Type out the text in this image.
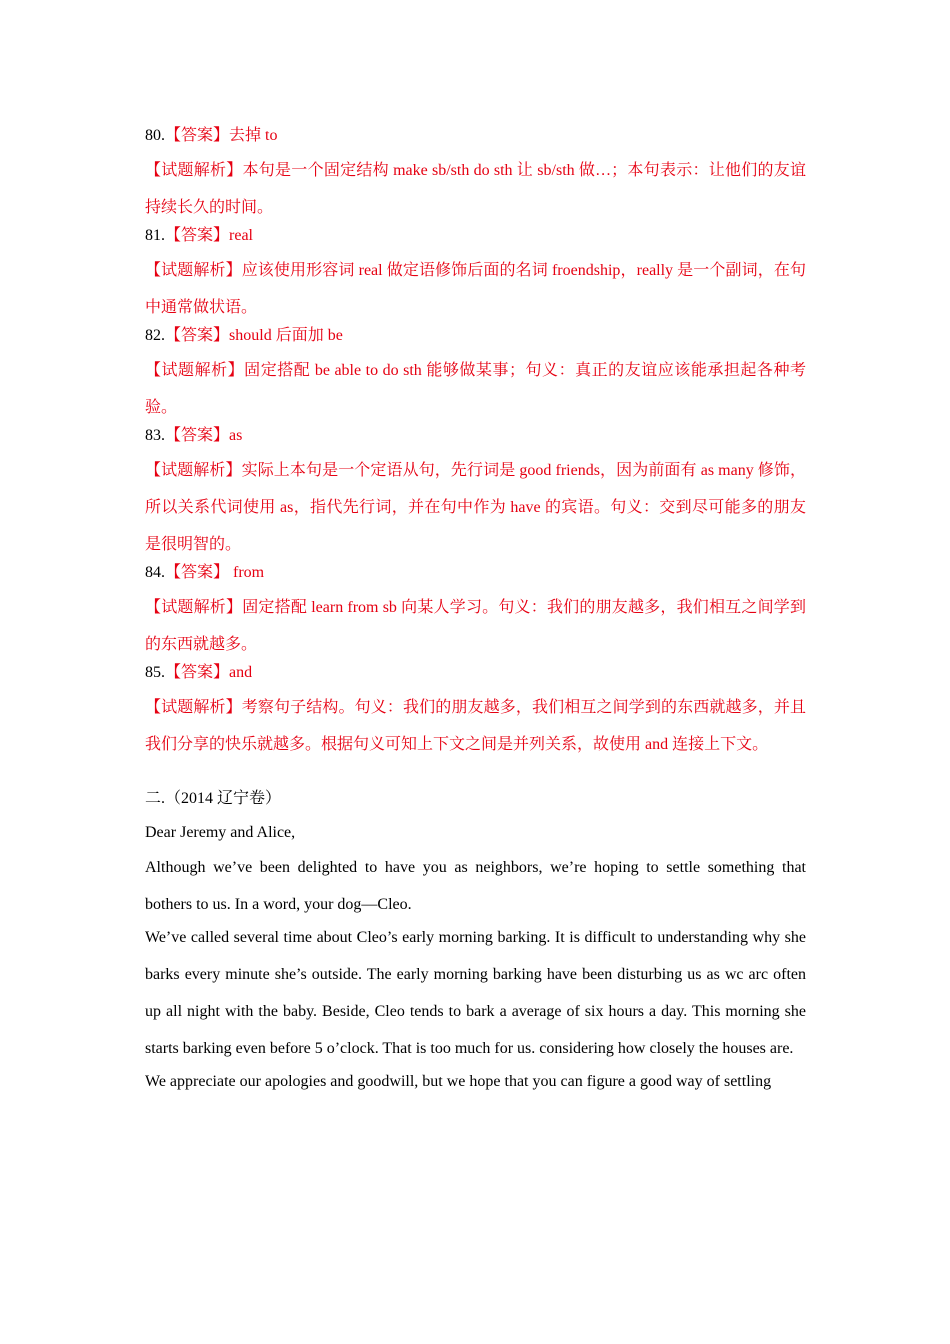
80.【答案】去掉 to

【试题解析】本句是一个固定结构 make sb/sth do sth 让 sb/sth 做…；本句表示：让他们的友谊持续长久的时间。

81.【答案】real

【试题解析】应该使用形容词 real 做定语修饰后面的名词 froendship，really 是一个副词，在句中通常做状语。

82.【答案】should 后面加 be

【试题解析】固定搭配 be able to do sth 能够做某事；句义：真正的友谊应该能承担起各种考验。

83.【答案】as

【试题解析】实际上本句是一个定语从句，先行词是 good friends，因为前面有 as many 修饰，所以关系代词使用 as，指代先行词，并在句中作为 have 的宾语。句义：交到尽可能多的朋友是很明智的。

84.【答案】 from

【试题解析】固定搭配 learn from sb 向某人学习。句义：我们的朋友越多，我们相互之间学到的东西就越多。

85.【答案】and

【试题解析】考察句子结构。句义：我们的朋友越多，我们相互之间学到的东西就越多，并且我们分享的快乐就越多。根据句义可知上下文之间是并列关系，故使用 and 连接上下文。

二.（2014 辽宁卷）
Dear Jeremy and Alice,

Although we’ve been delighted to have you as neighbors, we’re hoping to settle something that bothers to us. In a word, your dog—Cleo.

We’ve called several time about Cleo’s early morning barking. It is difficult to understanding why she barks every minute she’s outside. The early morning barking have been disturbing us as wc arc often up all night with the baby. Beside, Cleo tends to bark a average of six hours a day. This morning she starts barking even before 5 o’clock. That is too much for us. considering how closely the houses are.

We appreciate our apologies and goodwill, but we hope that you can figure a good way of settling
